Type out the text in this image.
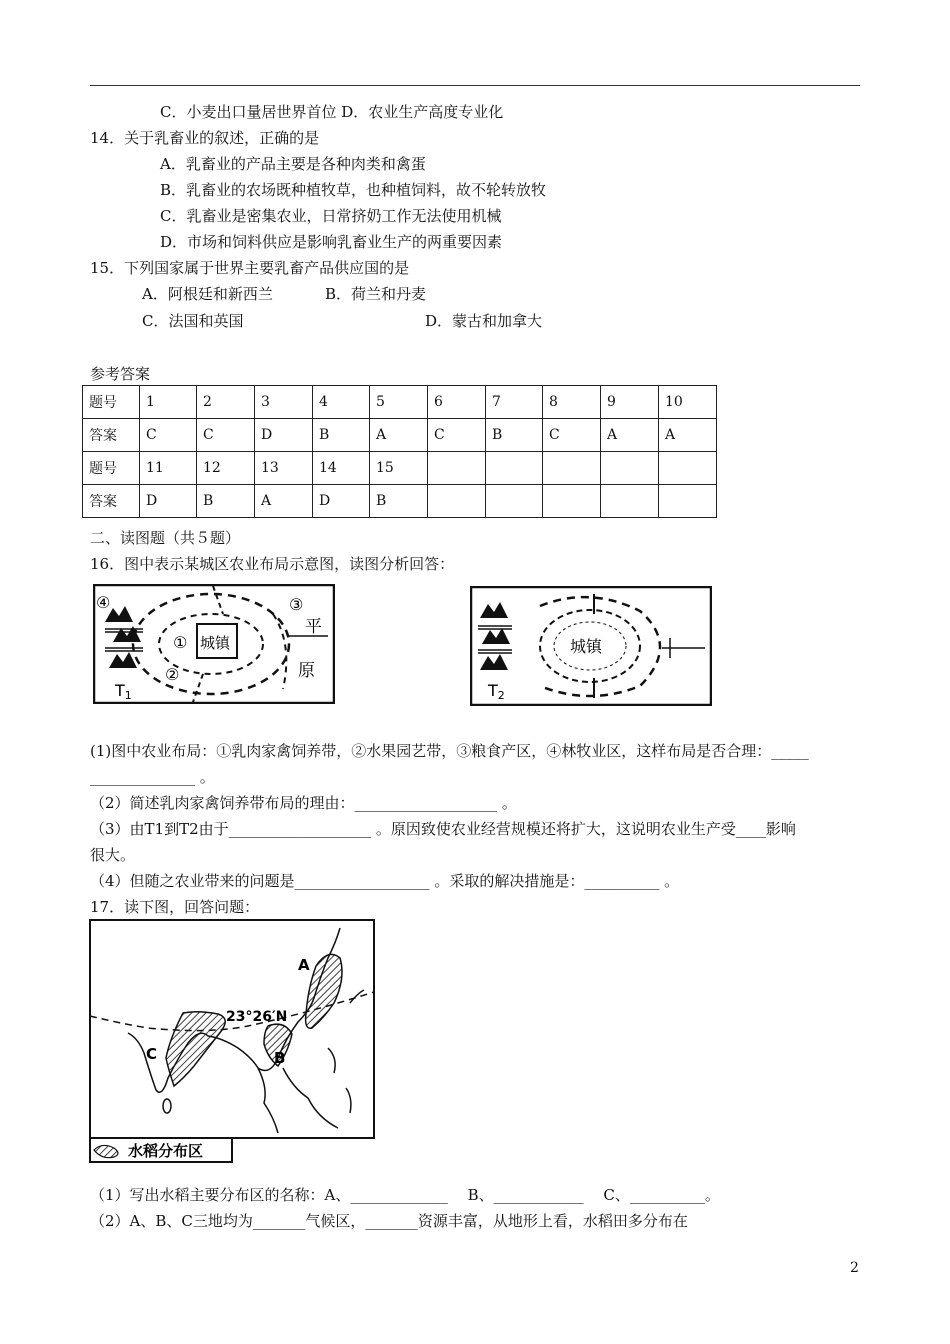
C．小麦出口量居世界首位 D．农业生产高度专业化
14．关于乳畜业的叙述，正确的是
A．乳畜业的产品主要是各种肉类和禽蛋
B．乳畜业的农场既种植牧草，也种植饲料，故不轮转放牧
C．乳畜业是密集农业，日常挤奶工作无法使用机械
D．市场和饲料供应是影响乳畜业生产的两重要因素
15．下列国家属于世界主要乳畜产品供应国的是
A．阿根廷和新西兰	B．荷兰和丹麦
C．法国和英国	D．蒙古和加拿大
参考答案
题号	1	2	3	4	5	6	7	8	9	10
答案	C	C	D	B	A	C	B	C	A	A
题号	11	12	13	14	15					
答案	D	B	A	D	B					
二、读图题（共５题）
16．图中表示某城区农业布局示意图，读图分析回答：
城镇
④	③
①
②
平
原
T1
城镇
T2
(1)图中农业布局：①乳肉家禽饲养带，②水果园艺带，③粮食产区，④林牧业区，这样布局是否合理：_____
______________ 。
（2）简述乳肉家禽饲养带布局的理由：___________________ 。
（3）由T1到T2由于___________________ 。原因致使农业经营规模还将扩大，这说明农业生产受____影响
很大。
（4）但随之农业带来的问题是__________________ 。采取的解决措施是：__________ 。
17．读下图，回答问题：
23°26′N
A
B
C
水稻分布区
（1）写出水稻主要分布区的名称：A、_____________　 B、____________　 C、__________。
（2）A、B、C三地均为_______气候区，_______资源丰富，从地形上看，水稻田多分布在
2
